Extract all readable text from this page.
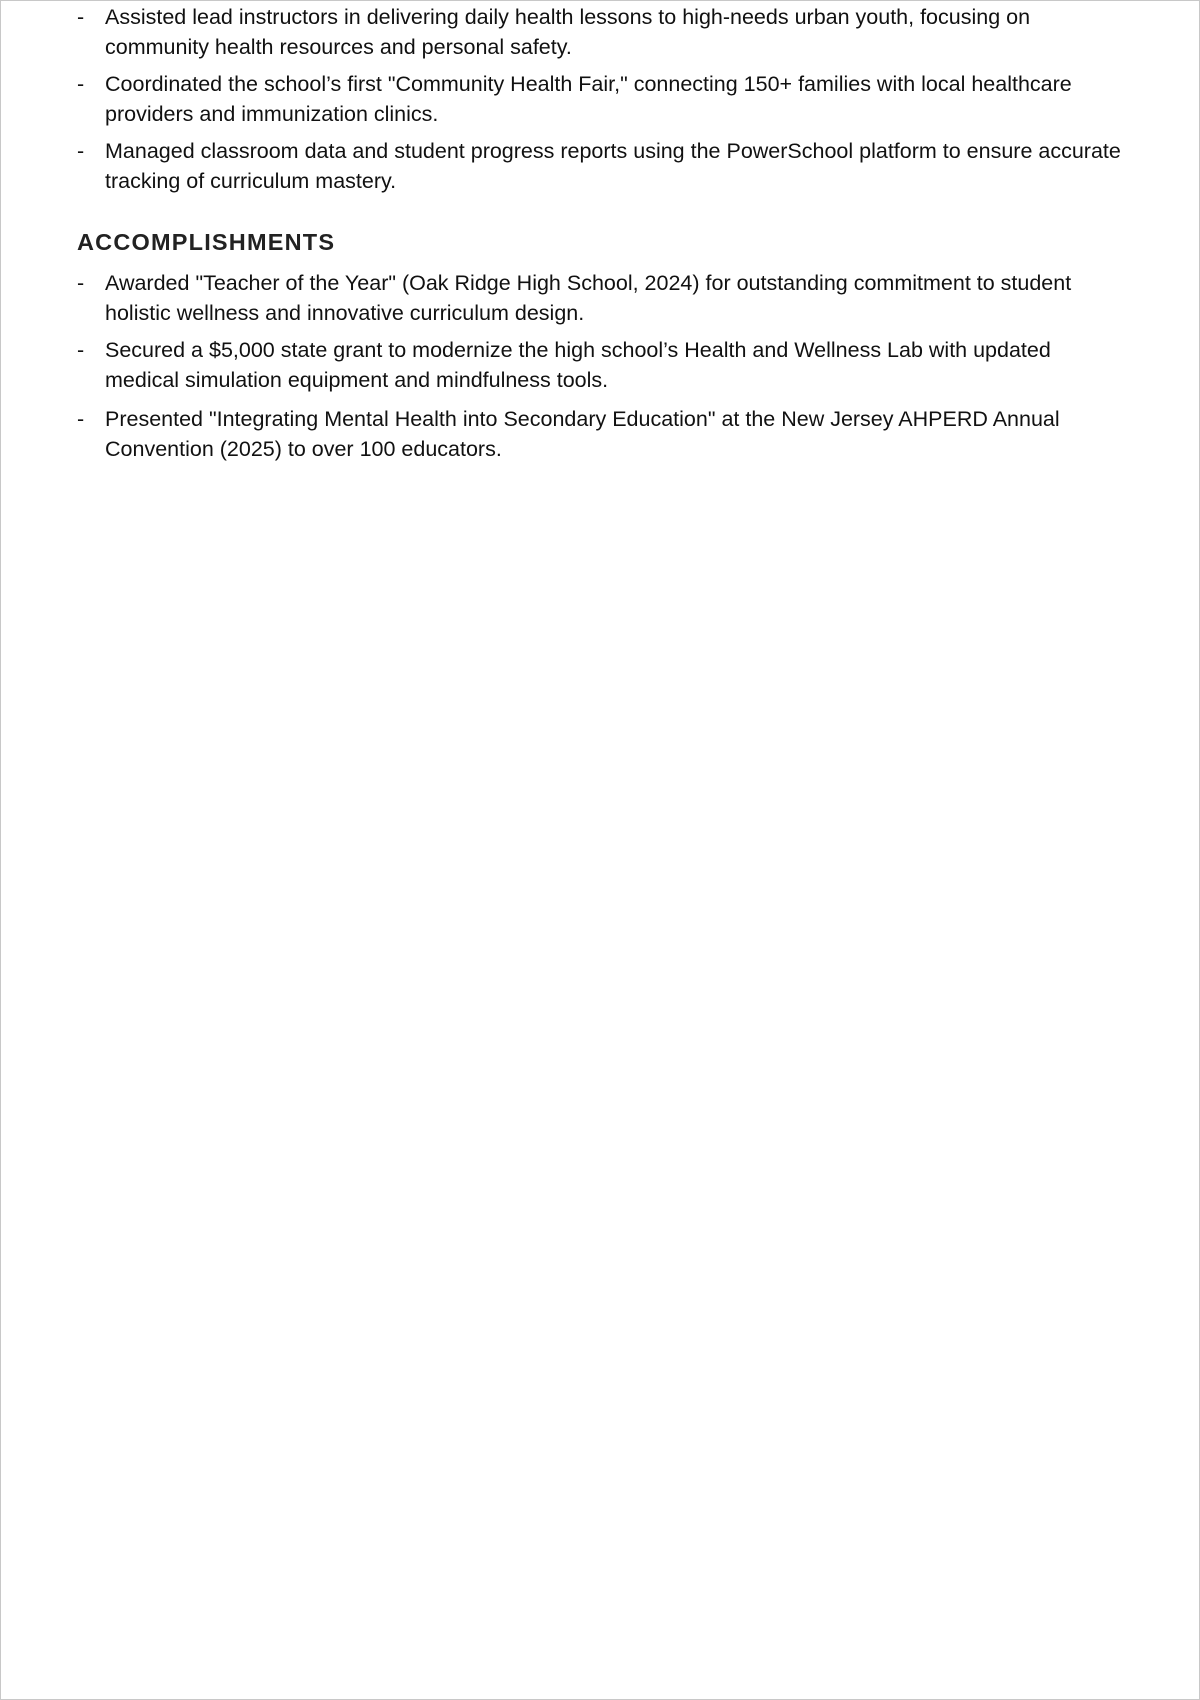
- Assisted lead instructors in delivering daily health lessons to high-needs urban youth, focusing on community health resources and personal safety.
- Coordinated the school’s first "Community Health Fair," connecting 150+ families with local healthcare providers and immunization clinics.
- Managed classroom data and student progress reports using the PowerSchool platform to ensure accurate tracking of curriculum mastery.
ACCOMPLISHMENTS
- Awarded "Teacher of the Year" (Oak Ridge High School, 2024) for outstanding commitment to student holistic wellness and innovative curriculum design.
- Secured a $5,000 state grant to modernize the high school’s Health and Wellness Lab with updated medical simulation equipment and mindfulness tools.
- Presented "Integrating Mental Health into Secondary Education" at the New Jersey AHPERD Annual Convention (2025) to over 100 educators.
